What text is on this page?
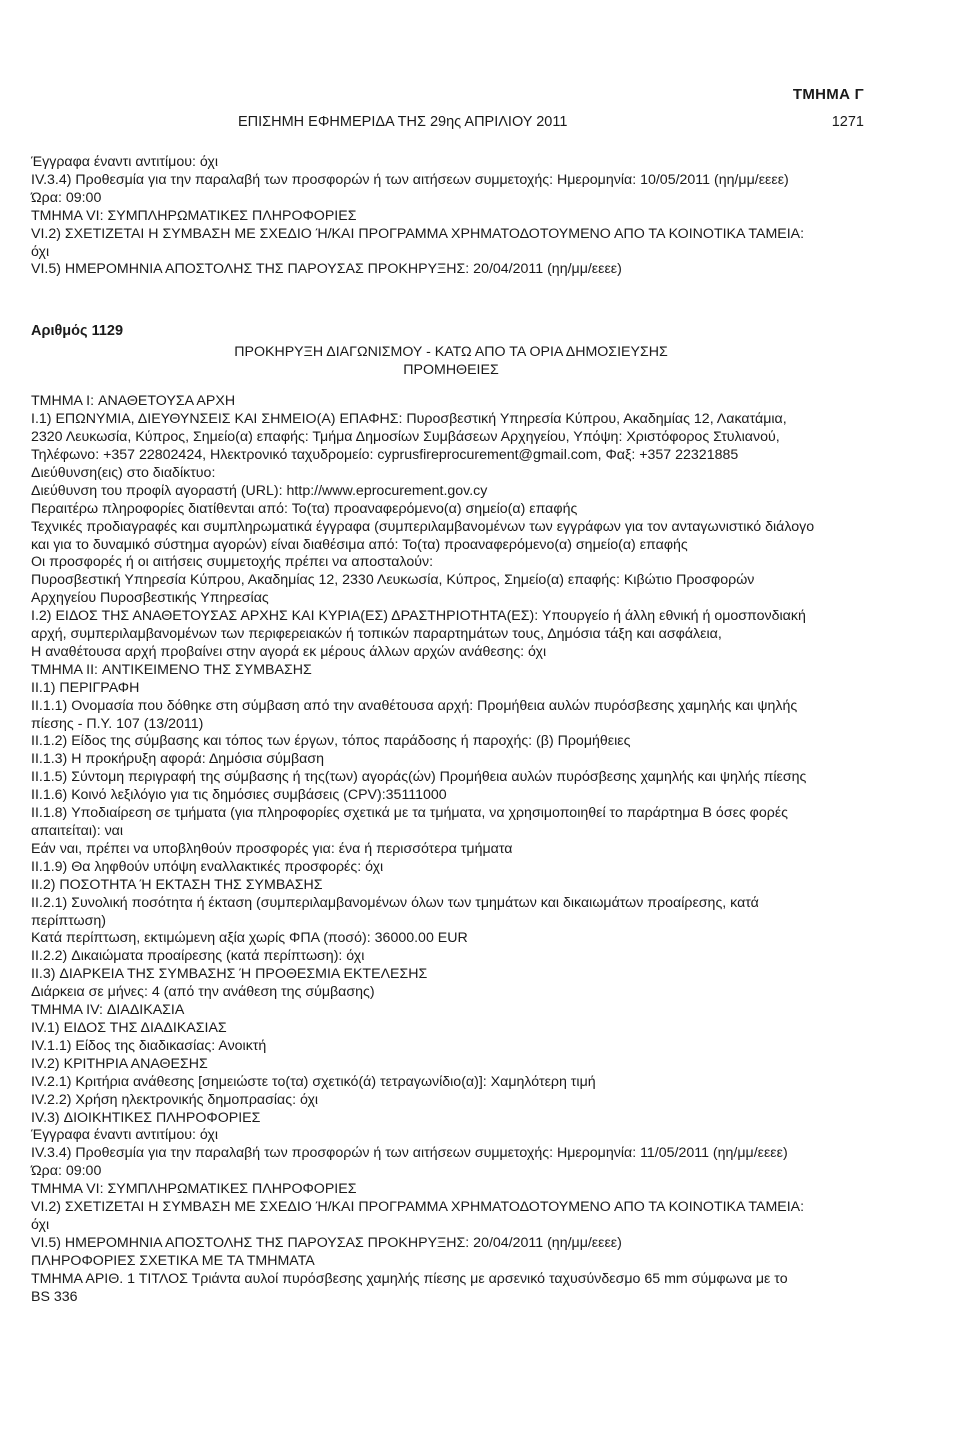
ΤΜΗΜΑ Γ
ΕΠΙΣΗΜΗ ΕΦΗΜΕΡΙΔΑ ΤΗΣ 29ης ΑΠΡΙΛΙΟΥ 2011	1271

Έγγραφα έναντι αντιτίμου: όχι

IV.3.4) Προθεσμία για την παραλαβή των προσφορών ή των αιτήσεων συμμετοχής: Ημερομηνία: 10/05/2011 (ηη/μμ/εεεε)

Ώρα: 09:00

ΤΜΗΜΑ VI: ΣΥΜΠΛΗΡΩΜΑΤΙΚΕΣ ΠΛΗΡΟΦΟΡΙΕΣ

VI.2) ΣΧΕΤΙΖΕΤΑΙ Η ΣΥΜΒΑΣΗ ΜΕ ΣΧΕΔΙΟ Ή/ΚΑΙ ΠΡΟΓΡΑΜΜΑ ΧΡΗΜΑΤΟΔΟΤΟΥΜΕΝΟ ΑΠΟ ΤΑ ΚΟΙΝΟΤΙΚΑ ΤΑΜΕΙΑ:

όχι

VI.5) ΗΜΕΡΟΜΗΝΙΑ ΑΠΟΣΤΟΛΗΣ ΤΗΣ ΠΑΡΟΥΣΑΣ ΠΡΟΚΗΡΥΞΗΣ: 20/04/2011 (ηη/μμ/εεεε)

Αριθμός 1129

ΠΡΟΚΗΡΥΞΗ ΔΙΑΓΩΝΙΣΜΟΥ - ΚΑΤΩ ΑΠΟ ΤΑ ΟΡΙΑ ΔΗΜΟΣΙΕΥΣΗΣ

ΠΡΟΜΗΘΕΙΕΣ

ΤΜΗΜΑ I: ΑΝΑΘΕΤΟΥΣΑ ΑΡΧΗ

I.1) ΕΠΩΝΥΜΙΑ, ΔΙΕΥΘΥΝΣΕΙΣ ΚΑΙ ΣΗΜΕΙΟ(Α) ΕΠΑΦΗΣ: Πυροσβεστική Υπηρεσία Κύπρου, Ακαδημίας 12, Λακατάμια,

2320 Λευκωσία, Κύπρος, Σημείο(α) επαφής: Τμήμα Δημοσίων Συμβάσεων Αρχηγείου, Υπόψη: Χριστόφορος Στυλιανού,

Τηλέφωνο: +357 22802424, Ηλεκτρονικό ταχυδρομείο: cyprusfireprocurement@gmail.com, Φαξ: +357 22321885

Διεύθυνση(εις) στο διαδίκτυο:

Διεύθυνση του προφίλ αγοραστή (URL): http://www.eprocurement.gov.cy

Περαιτέρω πληροφορίες διατίθενται από: Το(τα) προαναφερόμενο(α) σημείο(α) επαφής

Τεχνικές προδιαγραφές και συμπληρωματικά έγγραφα (συμπεριλαμβανομένων των εγγράφων για τον ανταγωνιστικό διάλογο

και για το δυναμικό σύστημα αγορών) είναι διαθέσιμα από: Το(τα) προαναφερόμενο(α) σημείο(α) επαφής

Οι προσφορές ή οι αιτήσεις συμμετοχής πρέπει να αποσταλούν:

Πυροσβεστική Υπηρεσία Κύπρου, Ακαδημίας 12, 2330 Λευκωσία, Κύπρος, Σημείο(α) επαφής: Κιβώτιο Προσφορών

Αρχηγείου Πυροσβεστικής Υπηρεσίας

I.2) ΕΙΔΟΣ ΤΗΣ ΑΝΑΘΕΤΟΥΣΑΣ ΑΡΧΗΣ ΚΑΙ ΚΥΡΙΑ(ΕΣ) ΔΡΑΣΤΗΡΙΟΤΗΤΑ(ΕΣ): Υπουργείο ή άλλη εθνική ή ομοσπονδιακή

αρχή, συμπεριλαμβανομένων των περιφερειακών ή τοπικών παραρτημάτων τους, Δημόσια τάξη και ασφάλεια,

Η αναθέτουσα αρχή προβαίνει στην αγορά εκ μέρους άλλων αρχών ανάθεσης: όχι

ΤΜΗΜΑ II: ΑΝΤΙΚΕΙΜΕΝΟ ΤΗΣ ΣΥΜΒΑΣΗΣ

II.1) ΠΕΡΙΓΡΑΦΗ

II.1.1) Ονομασία που δόθηκε στη σύμβαση από την αναθέτουσα αρχή: Προμήθεια αυλών πυρόσβεσης χαμηλής και ψηλής

πίεσης - Π.Υ. 107 (13/2011)

II.1.2) Είδος της σύμβασης και τόπος των έργων, τόπος παράδοσης ή παροχής: (β) Προμήθειες

II.1.3) Η προκήρυξη αφορά: Δημόσια σύμβαση

II.1.5) Σύντομη περιγραφή της σύμβασης ή της(των) αγοράς(ών) Προμήθεια αυλών πυρόσβεσης χαμηλής και ψηλής πίεσης

II.1.6) Κοινό λεξιλόγιο για τις δημόσιες συμβάσεις (CPV):35111000

II.1.8) Υποδιαίρεση σε τμήματα (για πληροφορίες σχετικά με τα τμήματα, να χρησιμοποιηθεί το παράρτημα Β όσες φορές

απαιτείται): ναι

Εάν ναι, πρέπει να υποβληθούν προσφορές για: ένα ή περισσότερα τμήματα

II.1.9) Θα ληφθούν υπόψη εναλλακτικές προσφορές: όχι

II.2) ΠΟΣΟΤΗΤΑ Ή ΕΚΤΑΣΗ ΤΗΣ ΣΥΜΒΑΣΗΣ

II.2.1) Συνολική ποσότητα ή έκταση (συμπεριλαμβανομένων όλων των τμημάτων και δικαιωμάτων προαίρεσης, κατά

περίπτωση)

Κατά περίπτωση, εκτιμώμενη αξία χωρίς ΦΠΑ (ποσό): 36000.00 EUR

II.2.2) Δικαιώματα προαίρεσης (κατά περίπτωση): όχι

II.3) ΔΙΑΡΚΕΙΑ ΤΗΣ ΣΥΜΒΑΣΗΣ Ή ΠΡΟΘΕΣΜΙΑ ΕΚΤΕΛΕΣΗΣ

Διάρκεια σε μήνες: 4 (από την ανάθεση της σύμβασης)

ΤΜΗΜΑ IV: ΔΙΑΔΙΚΑΣΙΑ

IV.1) ΕΙΔΟΣ ΤΗΣ ΔΙΑΔΙΚΑΣΙΑΣ

IV.1.1) Είδος της διαδικασίας: Ανοικτή

IV.2) ΚΡΙΤΗΡΙΑ ΑΝΑΘΕΣΗΣ

IV.2.1) Κριτήρια ανάθεσης [σημειώστε το(τα) σχετικό(ά) τετραγωνίδιο(α)]: Χαμηλότερη τιμή

IV.2.2) Χρήση ηλεκτρονικής δημοπρασίας: όχι

IV.3) ΔΙΟΙΚΗΤΙΚΕΣ ΠΛΗΡΟΦΟΡΙΕΣ

Έγγραφα έναντι αντιτίμου: όχι

IV.3.4) Προθεσμία για την παραλαβή των προσφορών ή των αιτήσεων συμμετοχής: Ημερομηνία: 11/05/2011 (ηη/μμ/εεεε)

Ώρα: 09:00

ΤΜΗΜΑ VI: ΣΥΜΠΛΗΡΩΜΑΤΙΚΕΣ ΠΛΗΡΟΦΟΡΙΕΣ

VI.2) ΣΧΕΤΙΖΕΤΑΙ Η ΣΥΜΒΑΣΗ ΜΕ ΣΧΕΔΙΟ Ή/ΚΑΙ ΠΡΟΓΡΑΜΜΑ ΧΡΗΜΑΤΟΔΟΤΟΥΜΕΝΟ ΑΠΟ ΤΑ ΚΟΙΝΟΤΙΚΑ ΤΑΜΕΙΑ:

όχι

VI.5) ΗΜΕΡΟΜΗΝΙΑ ΑΠΟΣΤΟΛΗΣ ΤΗΣ ΠΑΡΟΥΣΑΣ ΠΡΟΚΗΡΥΞΗΣ: 20/04/2011 (ηη/μμ/εεεε)

ΠΛΗΡΟΦΟΡΙΕΣ ΣΧΕΤΙΚΑ ΜΕ ΤΑ ΤΜΗΜΑΤΑ

ΤΜΗΜΑ ΑΡΙΘ. 1 ΤΙΤΛΟΣ Τριάντα αυλοί πυρόσβεσης χαμηλής πίεσης με αρσενικό ταχυσύνδεσμο 65 mm σύμφωνα με το

BS 336
